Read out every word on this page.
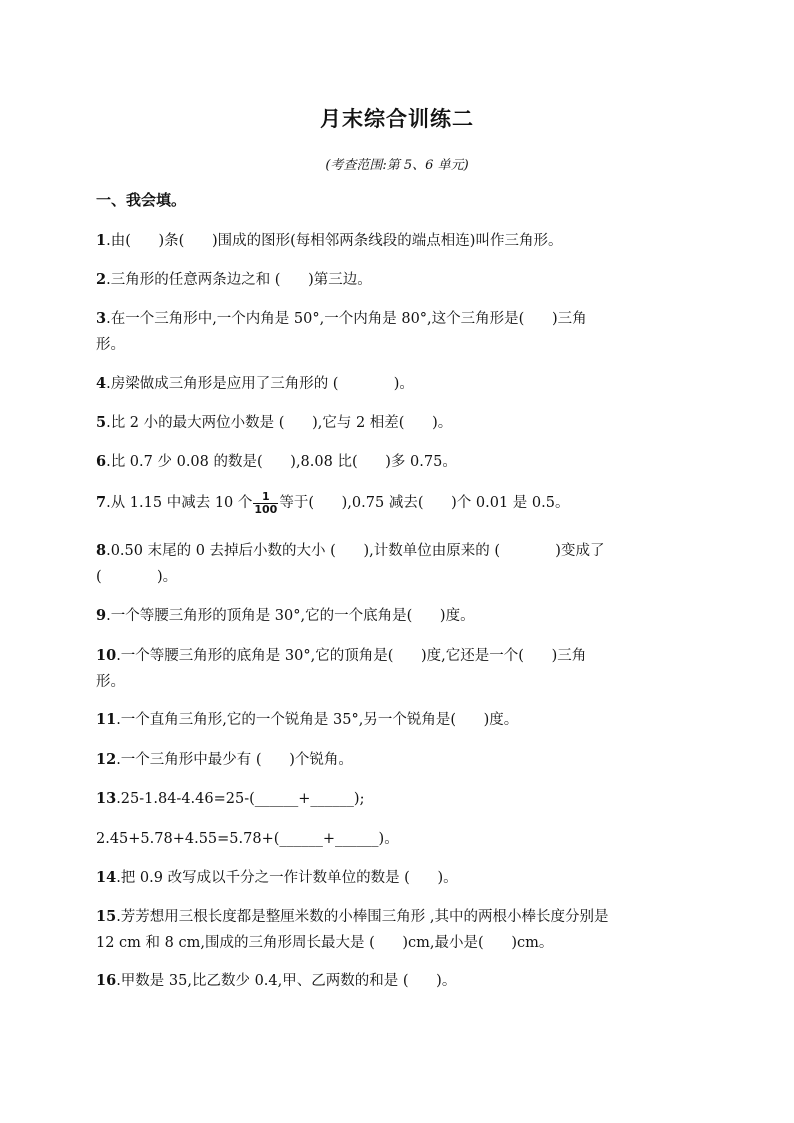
月末综合训练二
(考查范围:第 5、6 单元)
一、我会填。
1.由(      )条(      )围成的图形(每相邻两条线段的端点相连)叫作三角形。
2.三角形的任意两条边之和 (      )第三边。
3.在一个三角形中,一个内角是 50°,一个内角是 80°,这个三角形是(      )三角
形。
4.房梁做成三角形是应用了三角形的 (            )。
5.比 2 小的最大两位小数是 (      ),它与 2 相差(      )。
6.比 0.7 少 0.08 的数是(      ),8.08 比(      )多 0.75。
7.从 1.15 中减去 10 个 $\frac{1}{100}$ 等于(      ),0.75 减去(      )个 0.01 是 0.5。
8.0.50 末尾的 0 去掉后小数的大小 (      ),计数单位由原来的 (            )变成了
(            )。
9.一个等腰三角形的顶角是 30°,它的一个底角是(      )度。
10.一个等腰三角形的底角是 30°,它的顶角是(      )度,它还是一个(      )三角
形。
11.一个直角三角形,它的一个锐角是 35°,另一个锐角是(      )度。
12.一个三角形中最少有 (      )个锐角。
13.25-1.84-4.46=25-(______+______);
2.45+5.78+4.55=5.78+(______+______)。
14.把 0.9 改写成以千分之一作计数单位的数是 (      )。
15.芳芳想用三根长度都是整厘米数的小棒围三角形 ,其中的两根小棒长度分别是
12 cm 和 8 cm,围成的三角形周长最大是 (      )cm,最小是(      )cm。
16.甲数是 35,比乙数少 0.4,甲、乙两数的和是 (      )。
